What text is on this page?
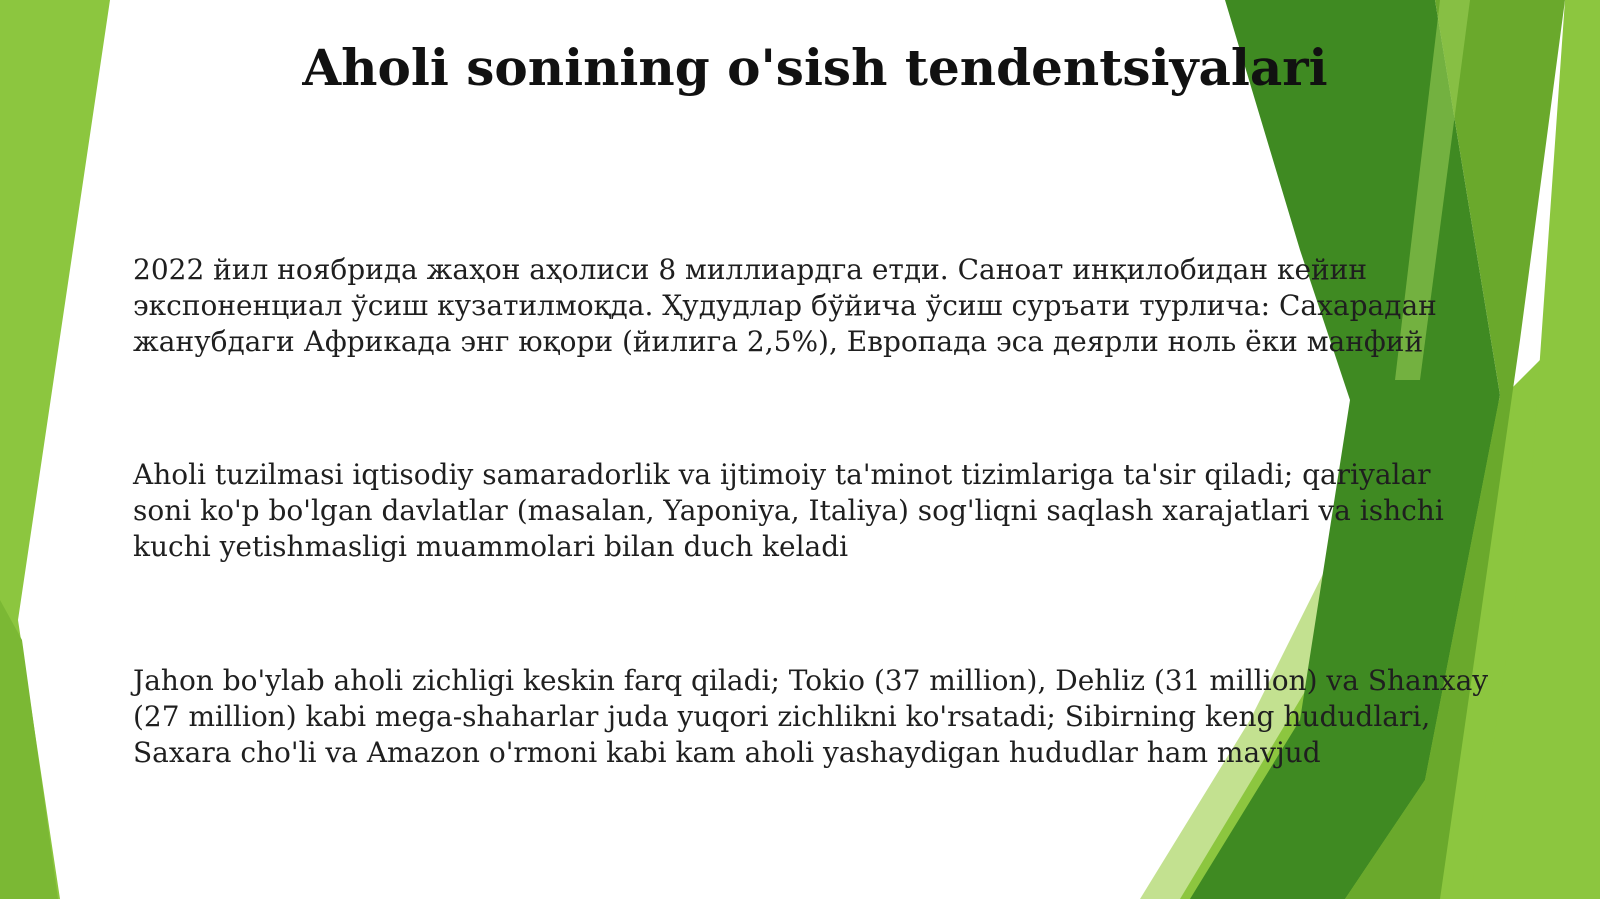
Aholi sonining o'sish tendentsiyalari

2022 йил ноябрида жаҳон аҳолиси 8 миллиардга етди. Саноат инқилобидан кейин
экспоненциал ўсиш кузатилмоқда. Ҳудудлар бўйича ўсиш суръати турлича: Сахарадан
жанубдаги Африкада энг юқори (йилига 2,5%), Европада эса деярли ноль ёки манфий

Aholi tuzilmasi iqtisodiy samaradorlik va ijtimoiy ta'minot tizimlariga ta'sir qiladi; qariyalar
soni ko'p bo'lgan davlatlar (masalan, Yaponiya, Italiya) sog'liqni saqlash xarajatlari va ishchi
kuchi yetishmasligi muammolari bilan duch keladi

Jahon bo'ylab aholi zichligi keskin farq qiladi; Tokio (37 million), Dehliz (31 million) va Shanxay
(27 million) kabi mega-shaharlar juda yuqori zichlikni ko'rsatadi; Sibirning keng hududlari,
Saxara cho'li va Amazon o'rmoni kabi kam aholi yashaydigan hududlar ham mavjud
